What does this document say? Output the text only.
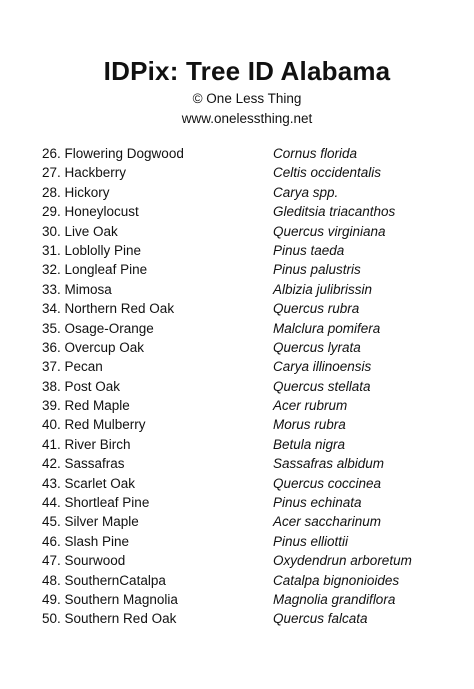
IDPix: Tree ID Alabama
© One Less Thing
www.onelessthing.net
26. Flowering Dogwood	Cornus florida
27. Hackberry	Celtis occidentalis
28. Hickory	Carya spp.
29. Honeylocust	Gleditsia triacanthos
30. Live Oak	Quercus virginiana
31. Loblolly Pine	Pinus taeda
32. Longleaf Pine	Pinus palustris
33. Mimosa	Albizia julibrissin
34. Northern Red Oak	Quercus rubra
35. Osage-Orange	Malclura pomifera
36. Overcup Oak	Quercus lyrata
37. Pecan	Carya illinoensis
38. Post Oak	Quercus stellata
39. Red Maple	Acer rubrum
40. Red Mulberry	Morus rubra
41. River Birch	Betula nigra
42. Sassafras	Sassafras albidum
43. Scarlet Oak	Quercus coccinea
44. Shortleaf Pine	Pinus echinata
45. Silver Maple	Acer saccharinum
46. Slash Pine	Pinus elliottii
47. Sourwood	Oxydendrun arboretum
48. SouthernCatalpa	Catalpa bignonioides
49. Southern Magnolia	Magnolia grandiflora
50. Southern Red Oak	Quercus falcata
